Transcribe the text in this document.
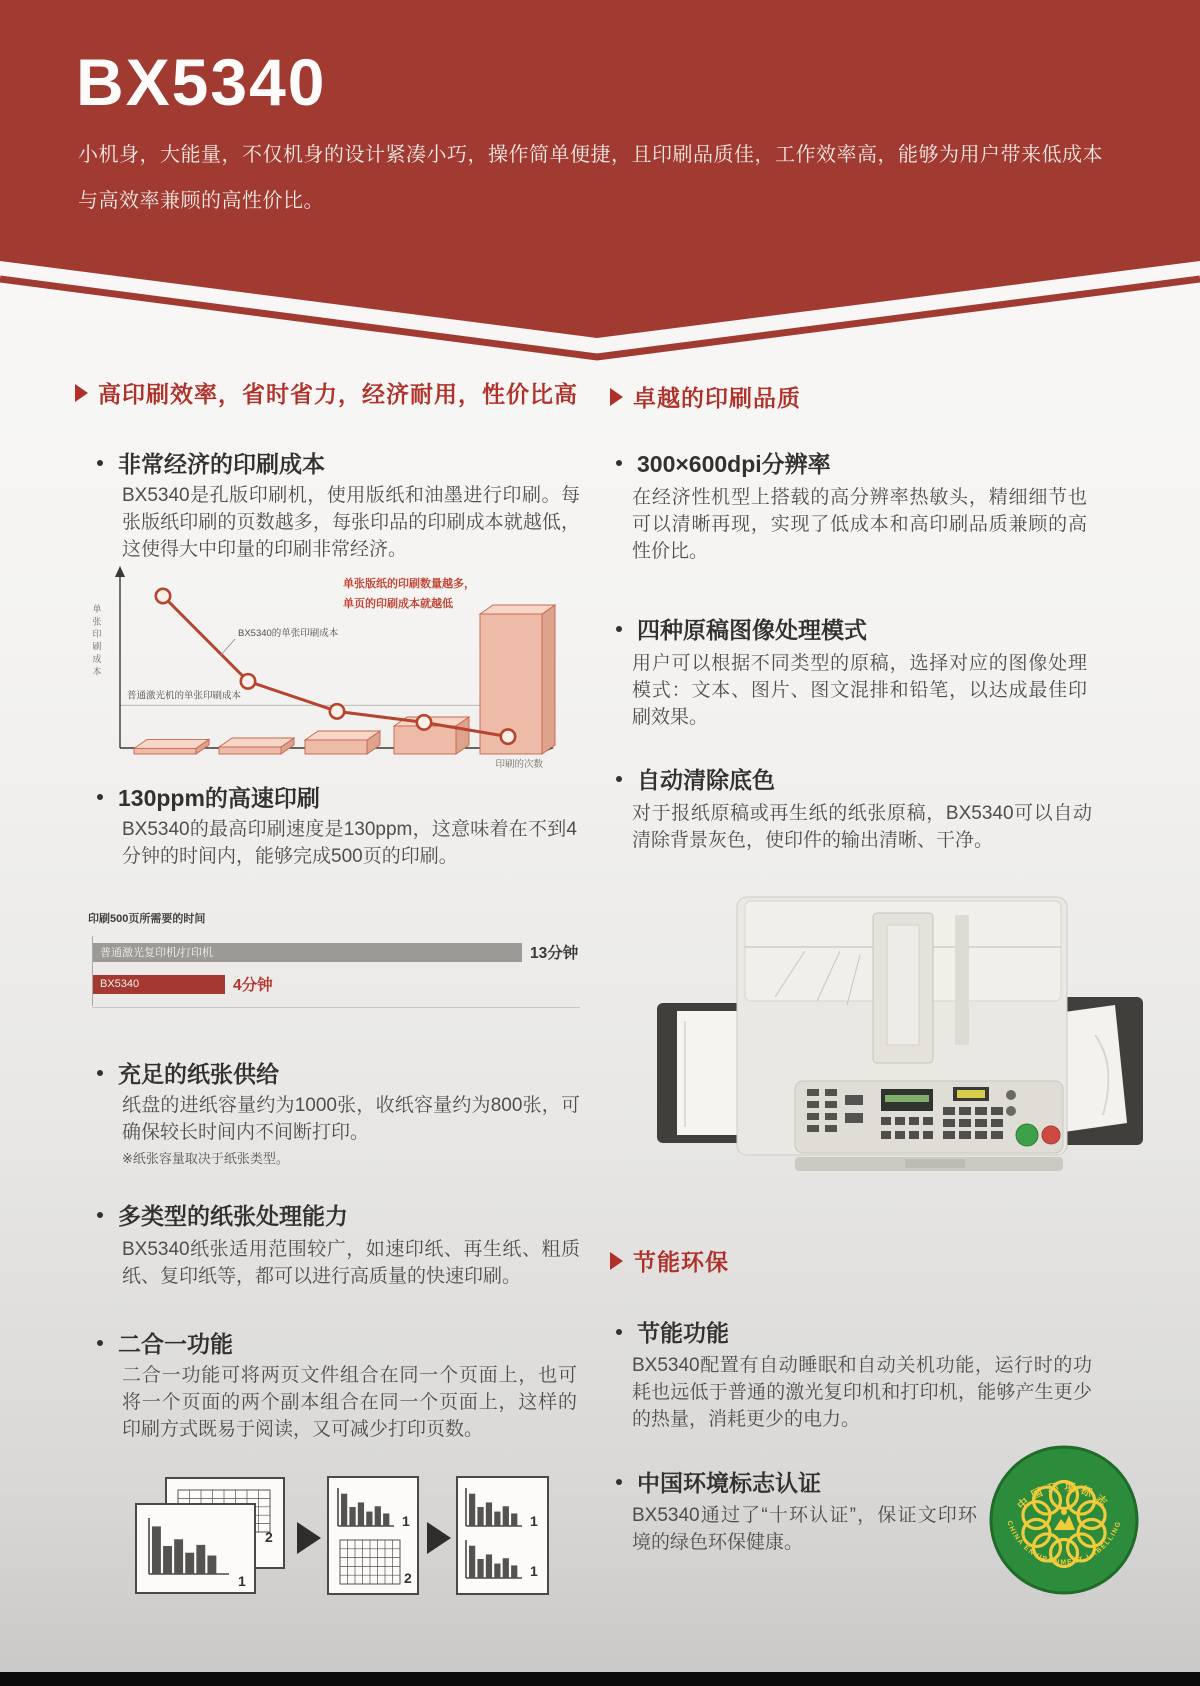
BX5340
小机身，大能量，不仅机身的设计紧凑小巧，操作简单便捷，且印刷品质佳，工作效率高，能够为用户带来低成本
与高效率兼顾的高性价比。
高印刷效率，省时省力，经济耐用，性价比高
非常经济的印刷成本
BX5340是孔版印刷机，使用版纸和油墨进行印刷。每张版纸印刷的页数越多，每张印品的印刷成本就越低，这使得大中印量的印刷非常经济。
单
张
印
刷
成
本
印刷的次数
BX5340的单张印刷成本
普通激光机的单张印刷成本
单张版纸的印刷数量越多，
单页的印刷成本就越低
130ppm的高速印刷
BX5340的最高印刷速度是130ppm，这意味着在不到4分钟的时间内，能够完成500页的印刷。
印刷500页所需要的时间
普通激光复印机/打印机	13分钟
BX5340	4分钟
充足的纸张供给
纸盘的进纸容量约为1000张，收纸容量约为800张，可确保较长时间内不间断打印。
※纸张容量取决于纸张类型。
多类型的纸张处理能力
BX5340纸张适用范围较广，如速印纸、再生纸、粗质纸、复印纸等，都可以进行高质量的快速印刷。
二合一功能
二合一功能可将两页文件组合在同一个页面上，也可将一个页面的两个副本组合在同一个页面上，这样的印刷方式既易于阅读，又可减少打印页数。
2
1
1
2
1
1
卓越的印刷品质
300×600dpi分辨率
在经济性机型上搭载的高分辨率热敏头，精细细节也可以清晰再现，实现了低成本和高印刷品质兼顾的高性价比。
四种原稿图像处理模式
用户可以根据不同类型的原稿，选择对应的图像处理模式：文本、图片、图文混排和铅笔，以达成最佳印刷效果。
自动清除底色
对于报纸原稿或再生纸的纸张原稿，BX5340可以自动清除背景灰色，使印件的输出清晰、干净。
节能环保
节能功能
BX5340配置有自动睡眠和自动关机功能，运行时的功耗也远低于普通的激光复印机和打印机，能够产生更少的热量，消耗更少的电力。
中国环境标志认证
BX5340通过了“十环认证”，保证文印环境的绿色环保健康。
中国环境标志
CHINA ENVIRONMENT LABELLING
